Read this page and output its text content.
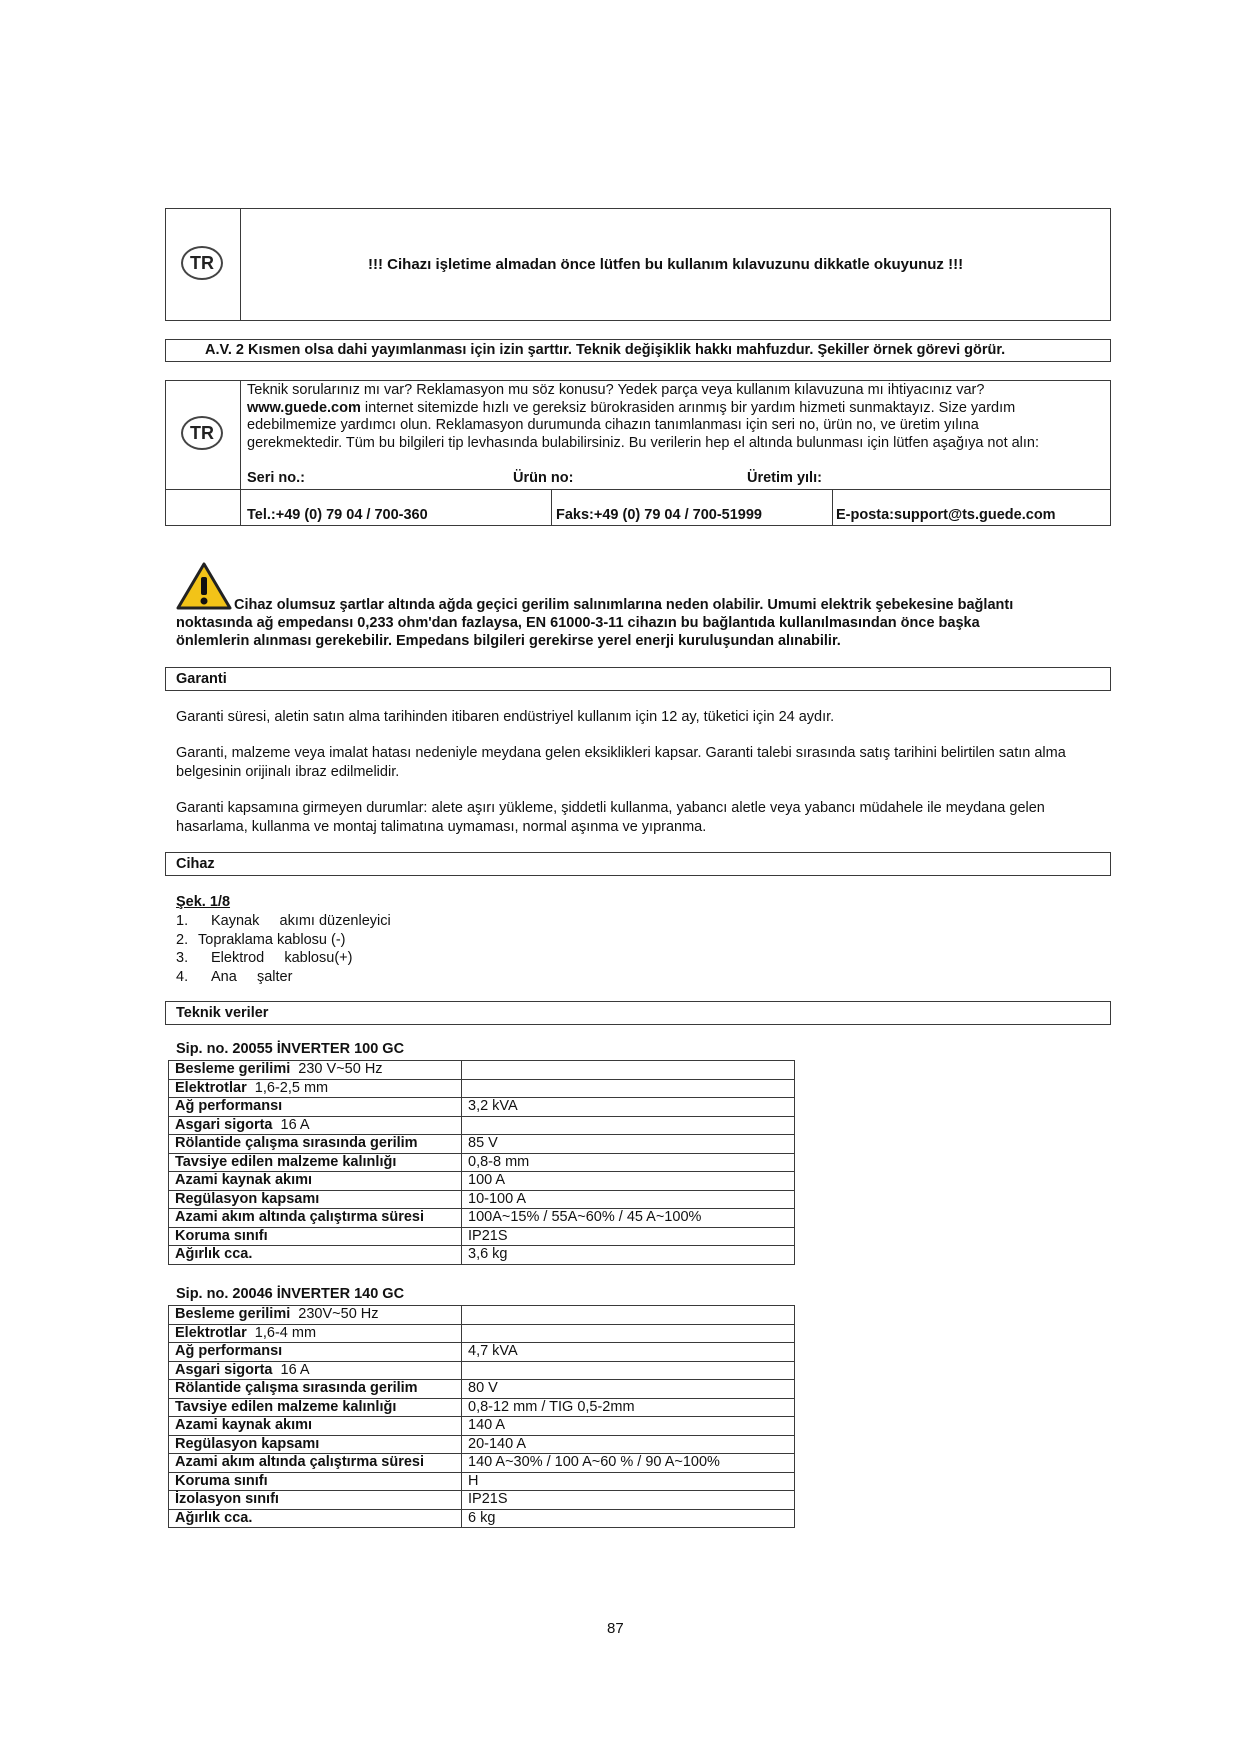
TR	!!! Cihazı işletime almadan önce lütfen bu kullanım kılavuzunu dikkatle okuyunuz !!!
A.V. 2 Kısmen olsa dahi yayımlanması için izin şarttır. Teknik değişiklik hakkı mahfuzdur. Şekiller örnek görevi görür.
TR
Teknik sorularınız mı var? Reklamasyon mu söz konusu? Yedek parça veya kullanım kılavuzuna mı ihtiyacınız var?
www.guede.com internet sitemizde hızlı ve gereksiz bürokrasiden arınmış bir yardım hizmeti sunmaktayız. Size yardım
edebilmemize yardımcı olun. Reklamasyon durumunda cihazın tanımlanması için seri no, ürün no, ve üretim yılına
gerekmektedir. Tüm bu bilgileri tip levhasında bulabilirsiniz. Bu verilerin hep el altında bulunması için lütfen aşağıya not alın:
Seri no.:	Ürün no:	Üretim yılı:
Tel.:+49 (0) 79 04 / 700-360	Faks:+49 (0) 79 04 / 700-51999	E-posta:support@ts.guede.com
Cihaz olumsuz şartlar altında ağda geçici gerilim salınımlarına neden olabilir. Umumi elektrik şebekesine bağlantı
noktasında ağ empedansı 0,233 ohm'dan fazlaysa, EN 61000-3-11 cihazın bu bağlantıda kullanılmasından önce başka
önlemlerin alınması gerekebilir. Empedans bilgileri gerekirse yerel enerji kuruluşundan alınabilir.
Garanti
Garanti süresi, aletin satın alma tarihinden itibaren endüstriyel kullanım için 12 ay, tüketici için 24 aydır.
Garanti, malzeme veya imalat hatası nedeniyle meydana gelen eksiklikleri kapsar. Garanti talebi sırasında satış tarihini belirtilen satın alma belgesinin orijinalı ibraz edilmelidir.
Garanti kapsamına girmeyen durumlar: alete aşırı yükleme, şiddetli kullanma, yabancı aletle veya yabancı müdahele ile meydana gelen hasarlama, kullanma ve montaj talimatına uymaması, normal aşınma ve yıpranma.
Cihaz
Şek. 1/8
1. Kaynak     akımı düzenleyici
2. Topraklama kablosu (-)
3. Elektrod     kablosu(+)
4. Ana     şalter
Teknik veriler
Sip. no. 20055 İNVERTER 100 GC
Besleme gerilimi  230 V~50 Hz	
Elektrotlar  1,6-2,5 mm	
Ağ performansı	3,2 kVA
Asgari sigorta  16 A	
Rölantide çalışma sırasında gerilim	85 V
Tavsiye edilen malzeme kalınlığı	0,8-8 mm
Azami kaynak akımı	100 A
Regülasyon kapsamı	10-100 A
Azami akım altında çalıştırma süresi	100A~15% / 55A~60% / 45 A~100%
Koruma sınıfı	IP21S
Ağırlık cca.	3,6 kg
Sip. no. 20046 İNVERTER 140 GC
Besleme gerilimi  230V~50 Hz	
Elektrotlar  1,6-4 mm	
Ağ performansı	4,7 kVA
Asgari sigorta  16 A	
Rölantide çalışma sırasında gerilim	80 V
Tavsiye edilen malzeme kalınlığı	0,8-12 mm / TIG 0,5-2mm
Azami kaynak akımı	140 A
Regülasyon kapsamı	20-140 A
Azami akım altında çalıştırma süresi	140 A~30% / 100 A~60 % / 90 A~100%
Koruma sınıfı	H
İzolasyon sınıfı	IP21S
Ağırlık cca.	6 kg
87
